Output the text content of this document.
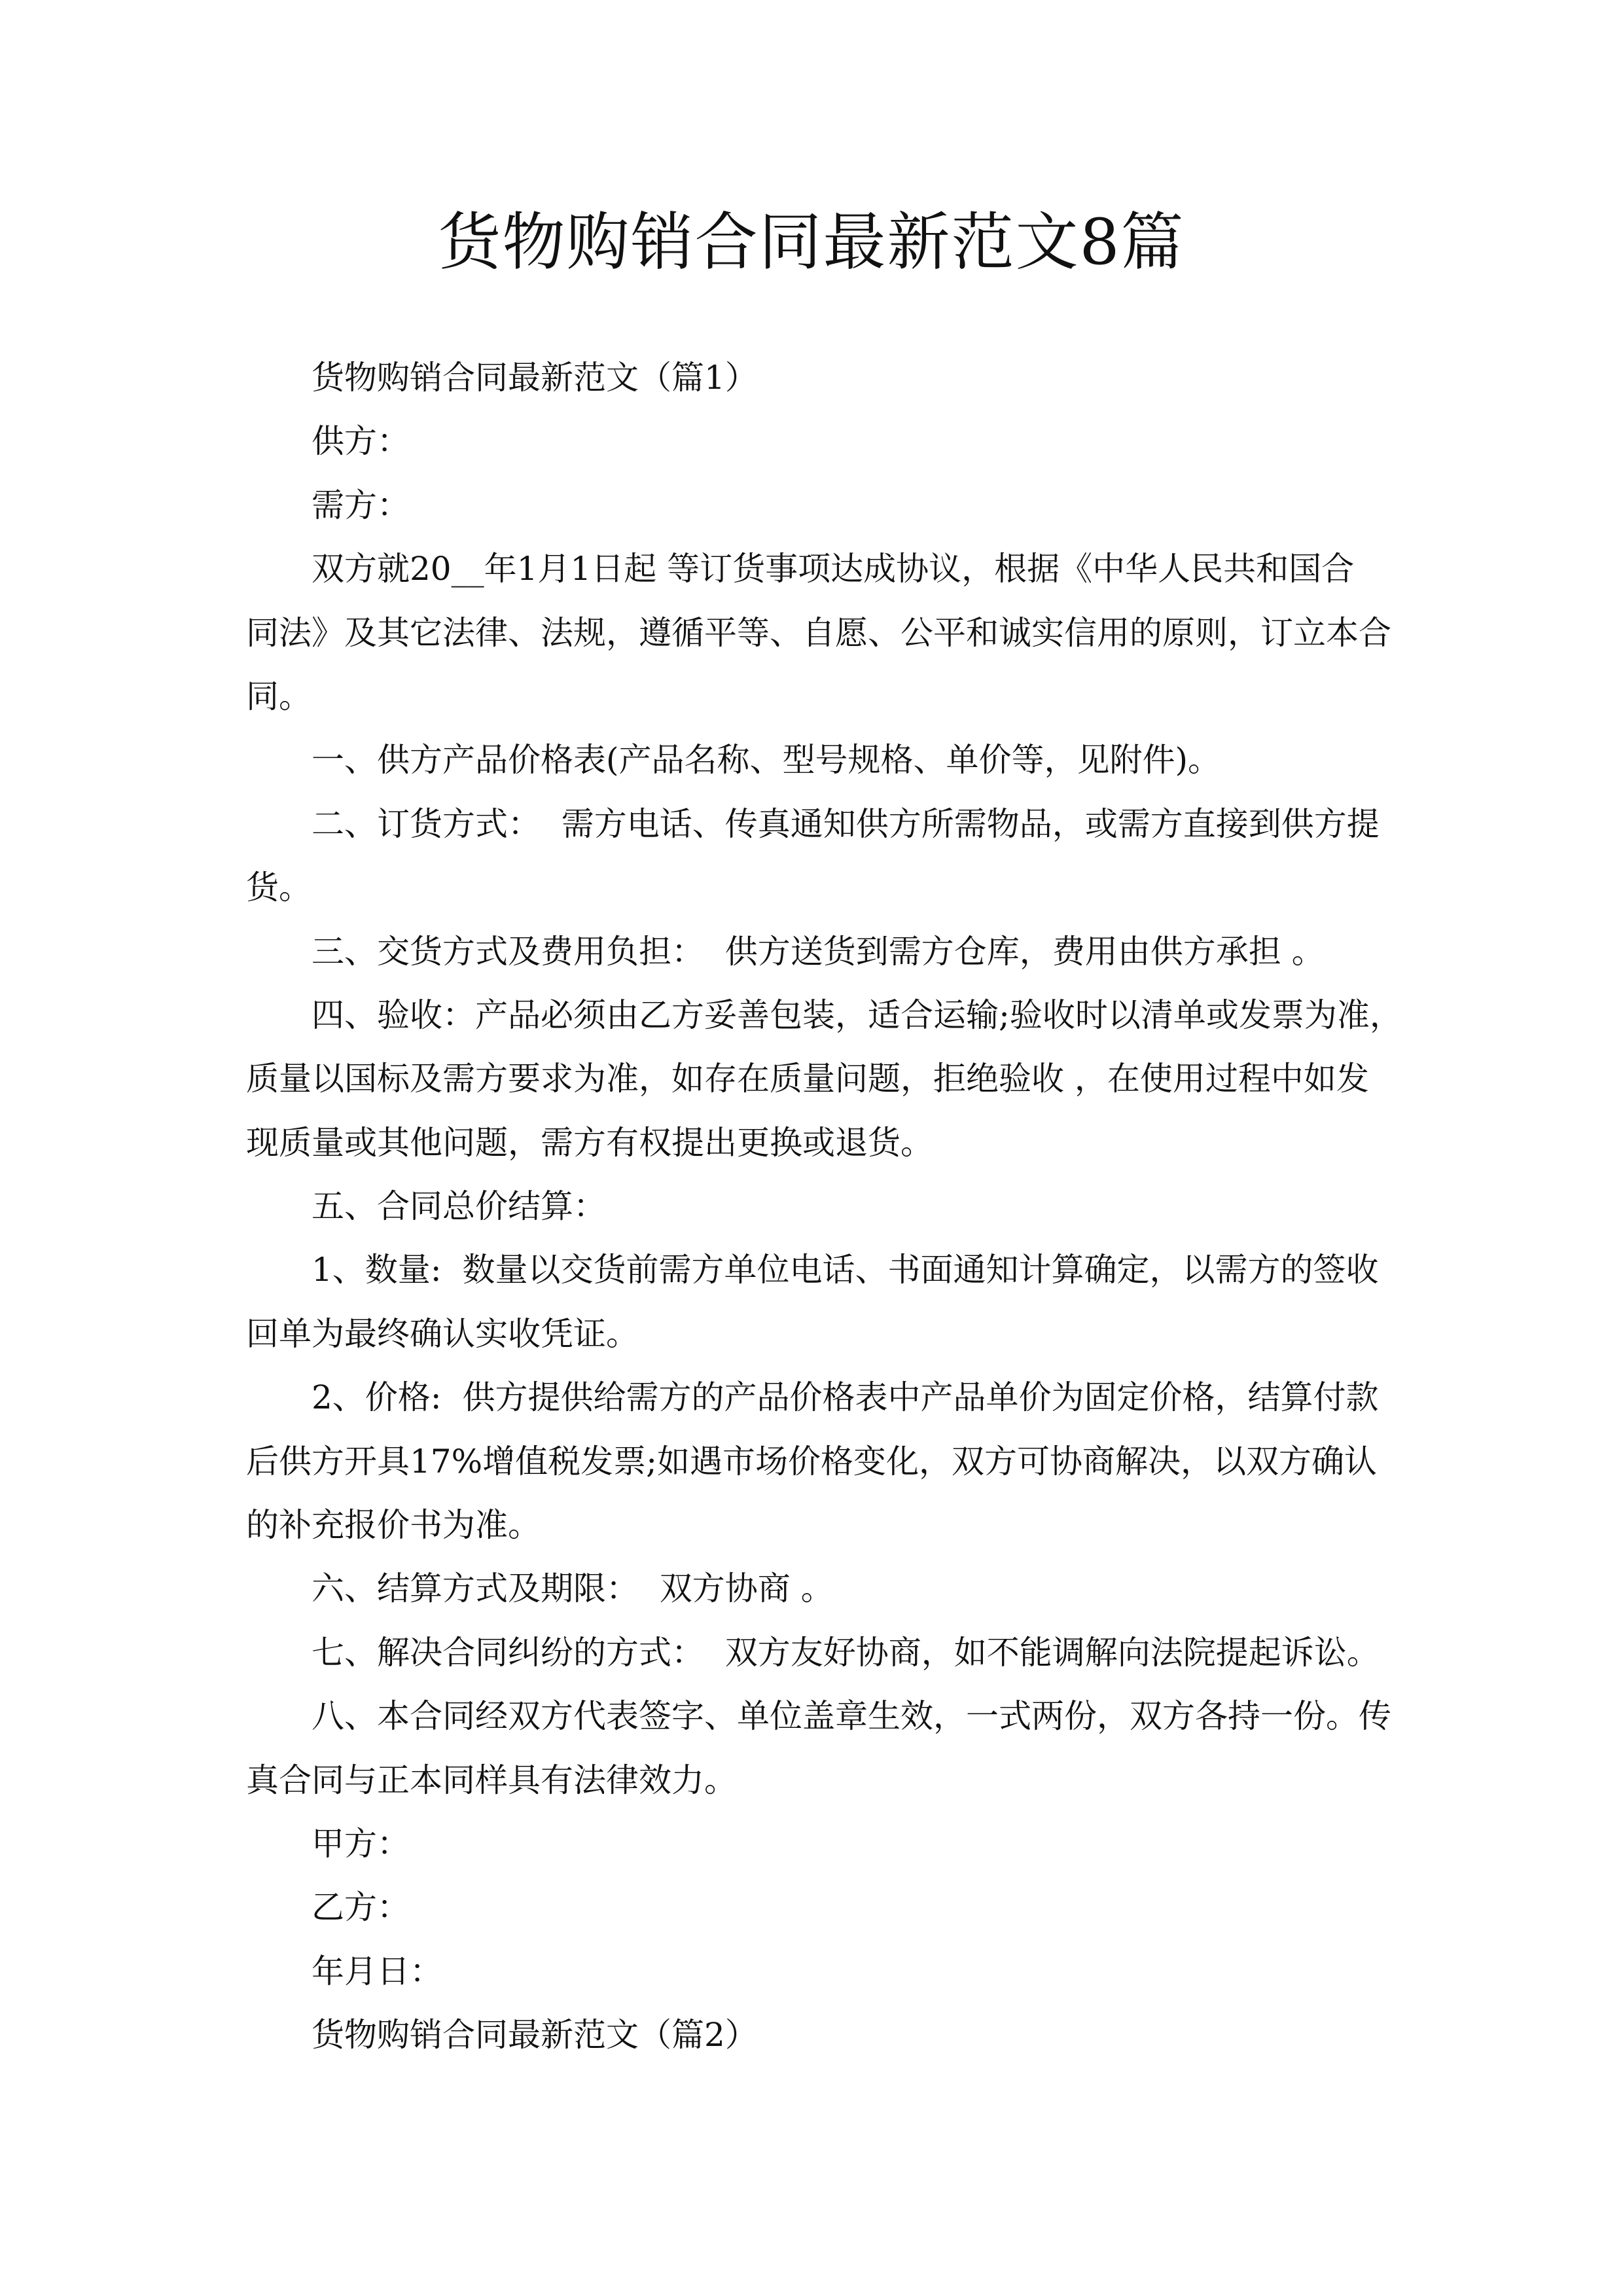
货物购销合同最新范文8篇
货物购销合同最新范文（篇1）
供方：
需方：
双方就20__年1月1日起 等订货事项达成协议，根据《中华人民共和国合
同法》及其它法律、法规，遵循平等、自愿、公平和诚实信用的原则，订立本合
同。
一、供方产品价格表(产品名称、型号规格、单价等，见附件)。
二、订货方式：  需方电话、传真通知供方所需物品，或需方直接到供方提
货。
三、交货方式及费用负担：  供方送货到需方仓库，费用由供方承担 。
四、验收：产品必须由乙方妥善包装，适合运输;验收时以清单或发票为准，
质量以国标及需方要求为准，如存在质量问题，拒绝验收 ，在使用过程中如发
现质量或其他问题，需方有权提出更换或退货。
五、合同总价结算：
1、数量:  数量以交货前需方单位电话、书面通知计算确定，以需方的签收
回单为最终确认实收凭证。
2、价格:  供方提供给需方的产品价格表中产品单价为固定价格，结算付款
后供方开具17%增值税发票;如遇市场价格变化，双方可协商解决，以双方确认
的补充报价书为准。
六、结算方式及期限：  双方协商 。
七、解决合同纠纷的方式：  双方友好协商，如不能调解向法院提起诉讼。
八、本合同经双方代表签字、单位盖章生效，一式两份，双方各持一份。传
真合同与正本同样具有法律效力。
甲方：
乙方：
年月日：
货物购销合同最新范文（篇2）
